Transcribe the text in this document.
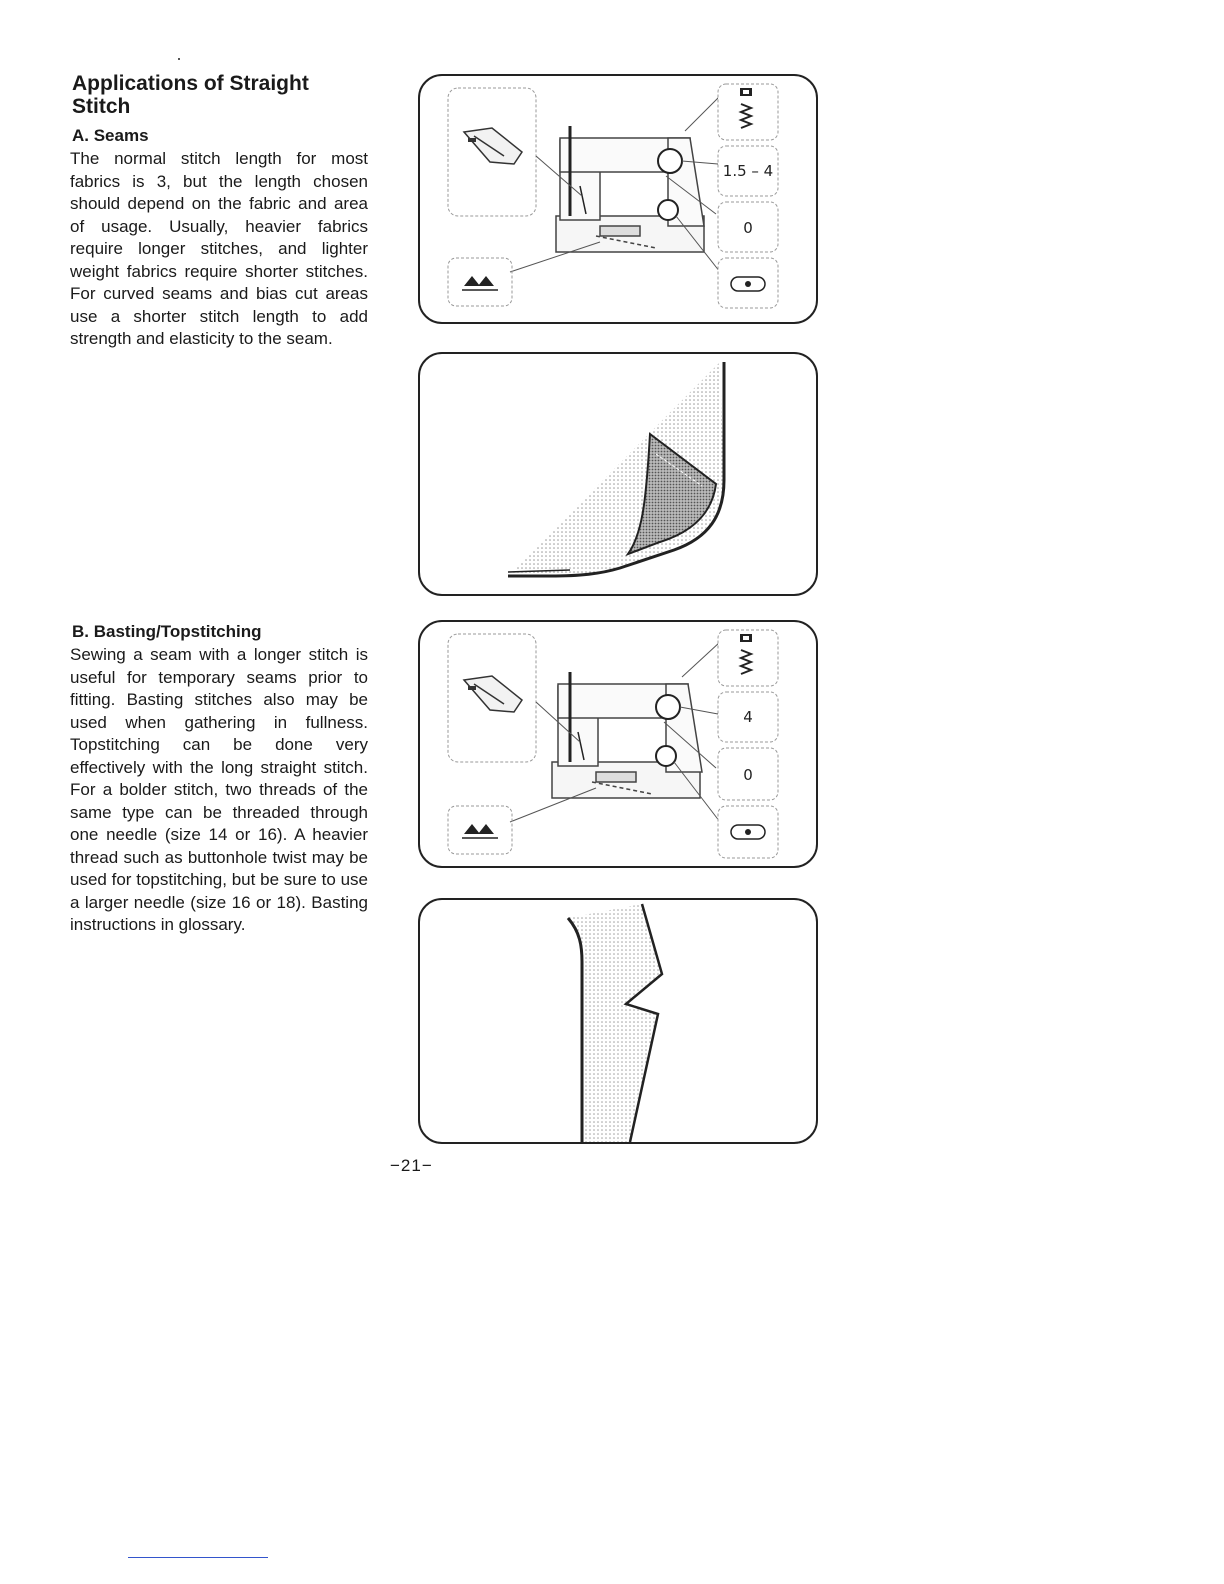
Applications of Straight Stitch
A. Seams

The normal stitch length for most fabrics is 3, but the length chosen should depend on the fabric and area of usage. Usually, heavier fabrics require longer stitches, and lighter weight fabrics require shorter stitches. For curved seams and bias cut areas use a shorter stitch length to add strength and elasticity to the seam.

B. Basting/Topstitching

Sewing a seam with a longer stitch is useful for temporary seams prior to fitting. Basting stitches also may be used when gathering in fullness. Topstitching can be done very effectively with the long straight stitch. For a bolder stitch, two threads of the same type can be threaded through one needle (size 14 or 16). A heavier thread such as buttonhole twist may be used for topstitching, but be sure to use a larger needle (size 16 or 18). Basting instructions in glossary.

1.5 – 4
0
4
0
−21−
